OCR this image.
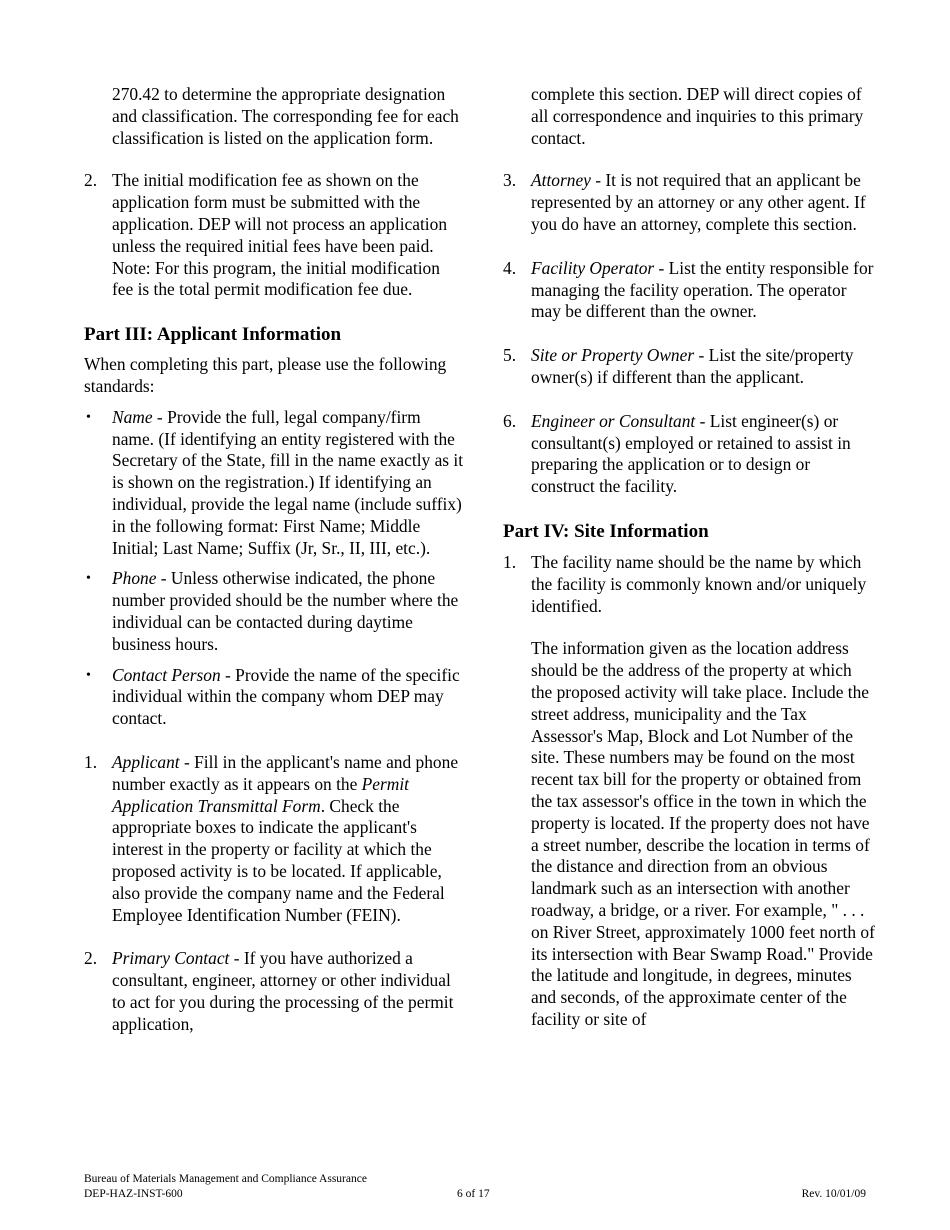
270.42 to determine the appropriate designation and classification. The corresponding fee for each classification is listed on the application form.

2. The initial modification fee as shown on the application form must be submitted with the application. DEP will not process an application unless the required initial fees have been paid. Note: For this program, the initial modification fee is the total permit modification fee due.
Part III: Applicant Information

When completing this part, please use the following standards:

•	Name - Provide the full, legal company/firm name. (If identifying an entity registered with the Secretary of the State, fill in the name exactly as it is shown on the registration.) If identifying an individual, provide the legal name (include suffix) in the following format: First Name; Middle Initial; Last Name; Suffix (Jr, Sr., II, III, etc.).
•	Phone - Unless otherwise indicated, the phone number provided should be the number where the individual can be contacted during daytime business hours.
•	Contact Person - Provide the name of the specific individual within the company whom DEP may contact.
1. Applicant - Fill in the applicant's name and phone number exactly as it appears on the Permit Application Transmittal Form. Check the appropriate boxes to indicate the applicant's interest in the property or facility at which the proposed activity is to be located. If applicable, also provide the company name and the Federal Employee Identification Number (FEIN).
2. Primary Contact - If you have authorized a consultant, engineer, attorney or other individual to act for you during the processing of the permit application,

complete this section. DEP will direct copies of all correspondence and inquiries to this primary contact.

3. Attorney - It is not required that an applicant be represented by an attorney or any other agent. If you do have an attorney, complete this section.
4. Facility Operator - List the entity responsible for managing the facility operation. The operator may be different than the owner.
5. Site or Property Owner - List the site/property owner(s) if different than the applicant.
6. Engineer or Consultant - List engineer(s) or consultant(s) employed or retained to assist in preparing the application or to design or construct the facility.
Part IV: Site Information
1. The facility name should be the name by which the facility is commonly known and/or uniquely identified.

The information given as the location address should be the address of the property at which the proposed activity will take place. Include the street address, municipality and the Tax Assessor's Map, Block and Lot Number of the site. These numbers may be found on the most recent tax bill for the property or obtained from the tax assessor's office in the town in which the property is located. If the property does not have a street number, describe the location in terms of the distance and direction from an obvious landmark such as an intersection with another roadway, a bridge, or a river. For example, " . . . on River Street, approximately 1000 feet north of its intersection with Bear Swamp Road." Provide the latitude and longitude, in degrees, minutes and seconds, of the approximate center of the facility or site of

Bureau of Materials Management and Compliance Assurance
DEP-HAZ-INST-600	6 of 17	Rev. 10/01/09
